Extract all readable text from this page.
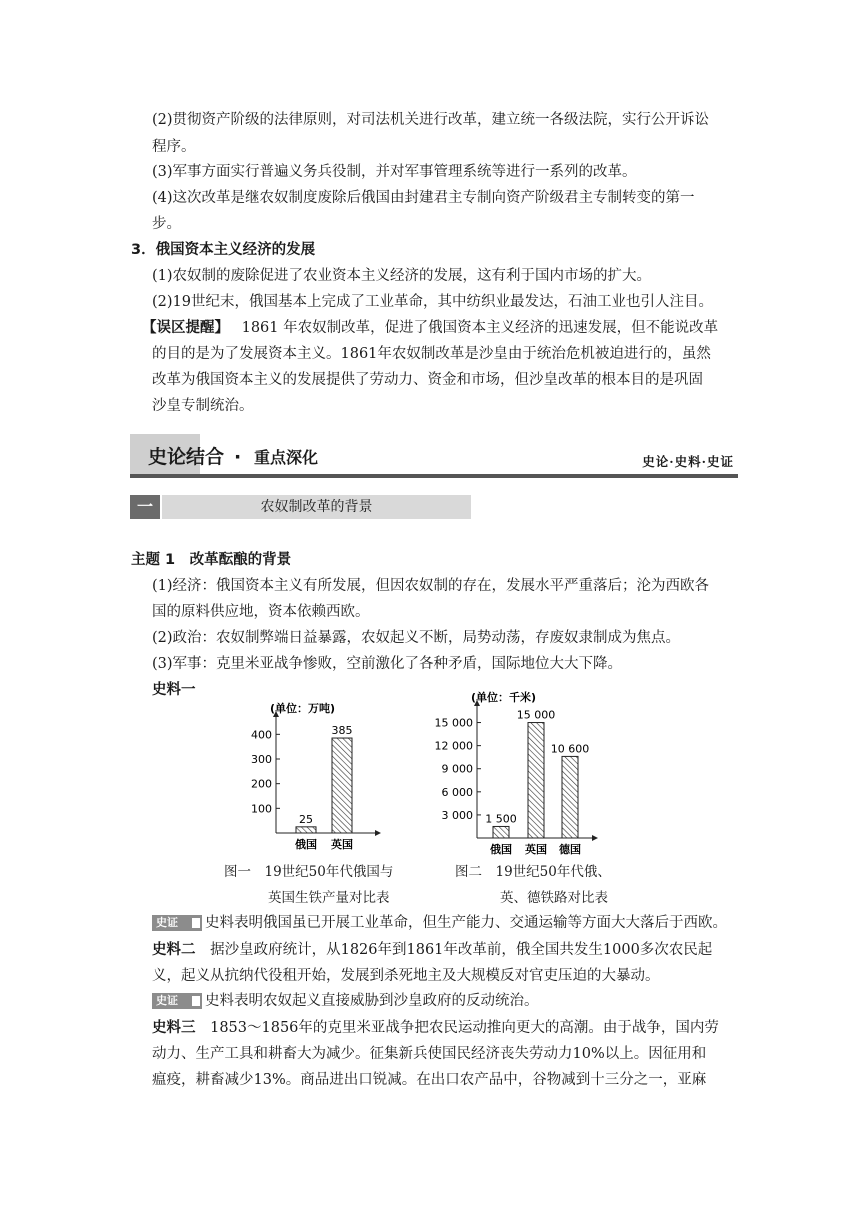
(2)贯彻资产阶级的法律原则，对司法机关进行改革，建立统一各级法院，实行公开诉讼
程序。
(3)军事方面实行普遍义务兵役制，并对军事管理系统等进行一系列的改革。
(4)这次改革是继农奴制度废除后俄国由封建君主专制向资产阶级君主专制转变的第一
步。
3．俄国资本主义经济的发展
(1)农奴制的废除促进了农业资本主义经济的发展，这有利于国内市场的扩大。
(2)19世纪末，俄国基本上完成了工业革命，其中纺织业最发达，石油工业也引人注目。
【误区提醒】 1861 年农奴制改革，促进了俄国资本主义经济的迅速发展，但不能说改革
的目的是为了发展资本主义。1861年农奴制改革是沙皇由于统治危机被迫进行的，虽然
改革为俄国资本主义的发展提供了劳动力、资金和市场，但沙皇改革的根本目的是巩固
沙皇专制统治。
史论结合 · 重点深化	史论·史料·史证
一	农奴制改革的背景
主题 1　改革酝酿的背景
(1)经济：俄国资本主义有所发展，但因农奴制的存在，发展水平严重落后；沦为西欧各
国的原料供应地，资本依赖西欧。
(2)政治：农奴制弊端日益暴露，农奴起义不断，局势动荡，存废奴隶制成为焦点。
(3)军事：克里米亚战争惨败，空前激化了各种矛盾，国际地位大大下降。
史料一
(单位：万吨)
100
200
300
400
25
俄国
385
英国
(单位：千米)
3 000
6 000
9 000
12 000
15 000
1 500
俄国
15 000
英国
10 600
德国
图一　19世纪50年代俄国与
英国生铁产量对比表
图二　19世纪50年代俄、
英、德铁路对比表
史证	史料表明俄国虽已开展工业革命，但生产能力、交通运输等方面大大落后于西欧。
史料二 据沙皇政府统计，从1826年到1861年改革前，俄全国共发生1000多次农民起
义，起义从抗纳代役租开始，发展到杀死地主及大规模反对官吏压迫的大暴动。
史证	史料表明农奴起义直接威胁到沙皇政府的反动统治。
史料三 1853～1856年的克里米亚战争把农民运动推向更大的高潮。由于战争，国内劳
动力、生产工具和耕畜大为减少。征集新兵使国民经济丧失劳动力10%以上。因征用和
瘟疫，耕畜减少13%。商品进出口锐减。在出口农产品中，谷物减到十三分之一，亚麻
